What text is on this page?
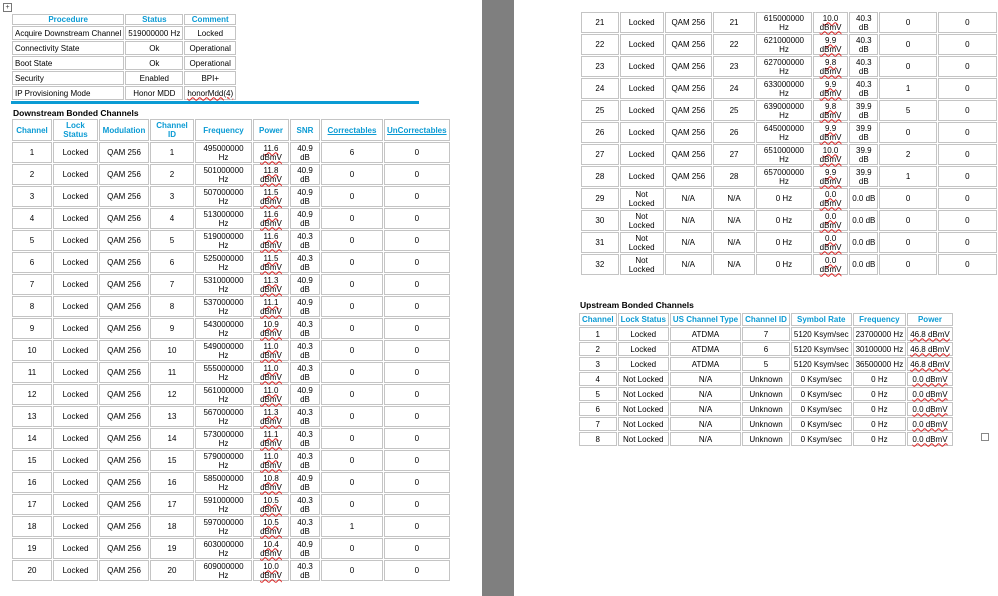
+
Procedure	Status	Comment
Acquire Downstream Channel	519000000 Hz	Locked
Connectivity State	Ok	Operational
Boot State	Ok	Operational
Security	Enabled	BPI+
IP Provisioning Mode	Honor MDD	honorMdd(4)
Downstream Bonded Channels
Channel	Lock Status	Modulation	Channel ID	Frequency	Power	SNR	Correctables	UnCorrectables
1	Locked	QAM 256	1	495000000 Hz	11.6 dBmV	40.9 dB	6	0
2	Locked	QAM 256	2	501000000 Hz	11.8 dBmV	40.9 dB	0	0
3	Locked	QAM 256	3	507000000 Hz	11.5 dBmV	40.9 dB	0	0
4	Locked	QAM 256	4	513000000 Hz	11.6 dBmV	40.9 dB	0	0
5	Locked	QAM 256	5	519000000 Hz	11.6 dBmV	40.3 dB	0	0
6	Locked	QAM 256	6	525000000 Hz	11.5 dBmV	40.3 dB	0	0
7	Locked	QAM 256	7	531000000 Hz	11.3 dBmV	40.9 dB	0	0
8	Locked	QAM 256	8	537000000 Hz	11.1 dBmV	40.9 dB	0	0
9	Locked	QAM 256	9	543000000 Hz	10.9 dBmV	40.3 dB	0	0
10	Locked	QAM 256	10	549000000 Hz	11.0 dBmV	40.3 dB	0	0
11	Locked	QAM 256	11	555000000 Hz	11.0 dBmV	40.3 dB	0	0
12	Locked	QAM 256	12	561000000 Hz	11.0 dBmV	40.9 dB	0	0
13	Locked	QAM 256	13	567000000 Hz	11.3 dBmV	40.3 dB	0	0
14	Locked	QAM 256	14	573000000 Hz	11.1 dBmV	40.3 dB	0	0
15	Locked	QAM 256	15	579000000 Hz	11.0 dBmV	40.3 dB	0	0
16	Locked	QAM 256	16	585000000 Hz	10.8 dBmV	40.9 dB	0	0
17	Locked	QAM 256	17	591000000 Hz	10.5 dBmV	40.3 dB	0	0
18	Locked	QAM 256	18	597000000 Hz	10.5 dBmV	40.3 dB	1	0
19	Locked	QAM 256	19	603000000 Hz	10.4 dBmV	40.9 dB	0	0
20	Locked	QAM 256	20	609000000 Hz	10.0 dBmV	40.3 dB	0	0
21	Locked	QAM 256	21	615000000 Hz	10.0 dBmV	40.3 dB	0	0
22	Locked	QAM 256	22	621000000 Hz	9.9 dBmV	40.3 dB	0	0
23	Locked	QAM 256	23	627000000 Hz	9.8 dBmV	40.3 dB	0	0
24	Locked	QAM 256	24	633000000 Hz	9.9 dBmV	40.3 dB	1	0
25	Locked	QAM 256	25	639000000 Hz	9.8 dBmV	39.9 dB	5	0
26	Locked	QAM 256	26	645000000 Hz	9.9 dBmV	39.9 dB	0	0
27	Locked	QAM 256	27	651000000 Hz	10.0 dBmV	39.9 dB	2	0
28	Locked	QAM 256	28	657000000 Hz	9.9 dBmV	39.9 dB	1	0
29	Not Locked	N/A	N/A	0 Hz	0.0 dBmV	0.0 dB	0	0
30	Not Locked	N/A	N/A	0 Hz	0.0 dBmV	0.0 dB	0	0
31	Not Locked	N/A	N/A	0 Hz	0.0 dBmV	0.0 dB	0	0
32	Not Locked	N/A	N/A	0 Hz	0.0 dBmV	0.0 dB	0	0
Upstream Bonded Channels
Channel	Lock Status	US Channel Type	Channel ID	Symbol Rate	Frequency	Power
1	Locked	ATDMA	7	5120 Ksym/sec	23700000 Hz	46.8 dBmV
2	Locked	ATDMA	6	5120 Ksym/sec	30100000 Hz	46.8 dBmV
3	Locked	ATDMA	5	5120 Ksym/sec	36500000 Hz	46.8 dBmV
4	Not Locked	N/A	Unknown	0 Ksym/sec	0 Hz	0.0 dBmV
5	Not Locked	N/A	Unknown	0 Ksym/sec	0 Hz	0.0 dBmV
6	Not Locked	N/A	Unknown	0 Ksym/sec	0 Hz	0.0 dBmV
7	Not Locked	N/A	Unknown	0 Ksym/sec	0 Hz	0.0 dBmV
8	Not Locked	N/A	Unknown	0 Ksym/sec	0 Hz	0.0 dBmV
